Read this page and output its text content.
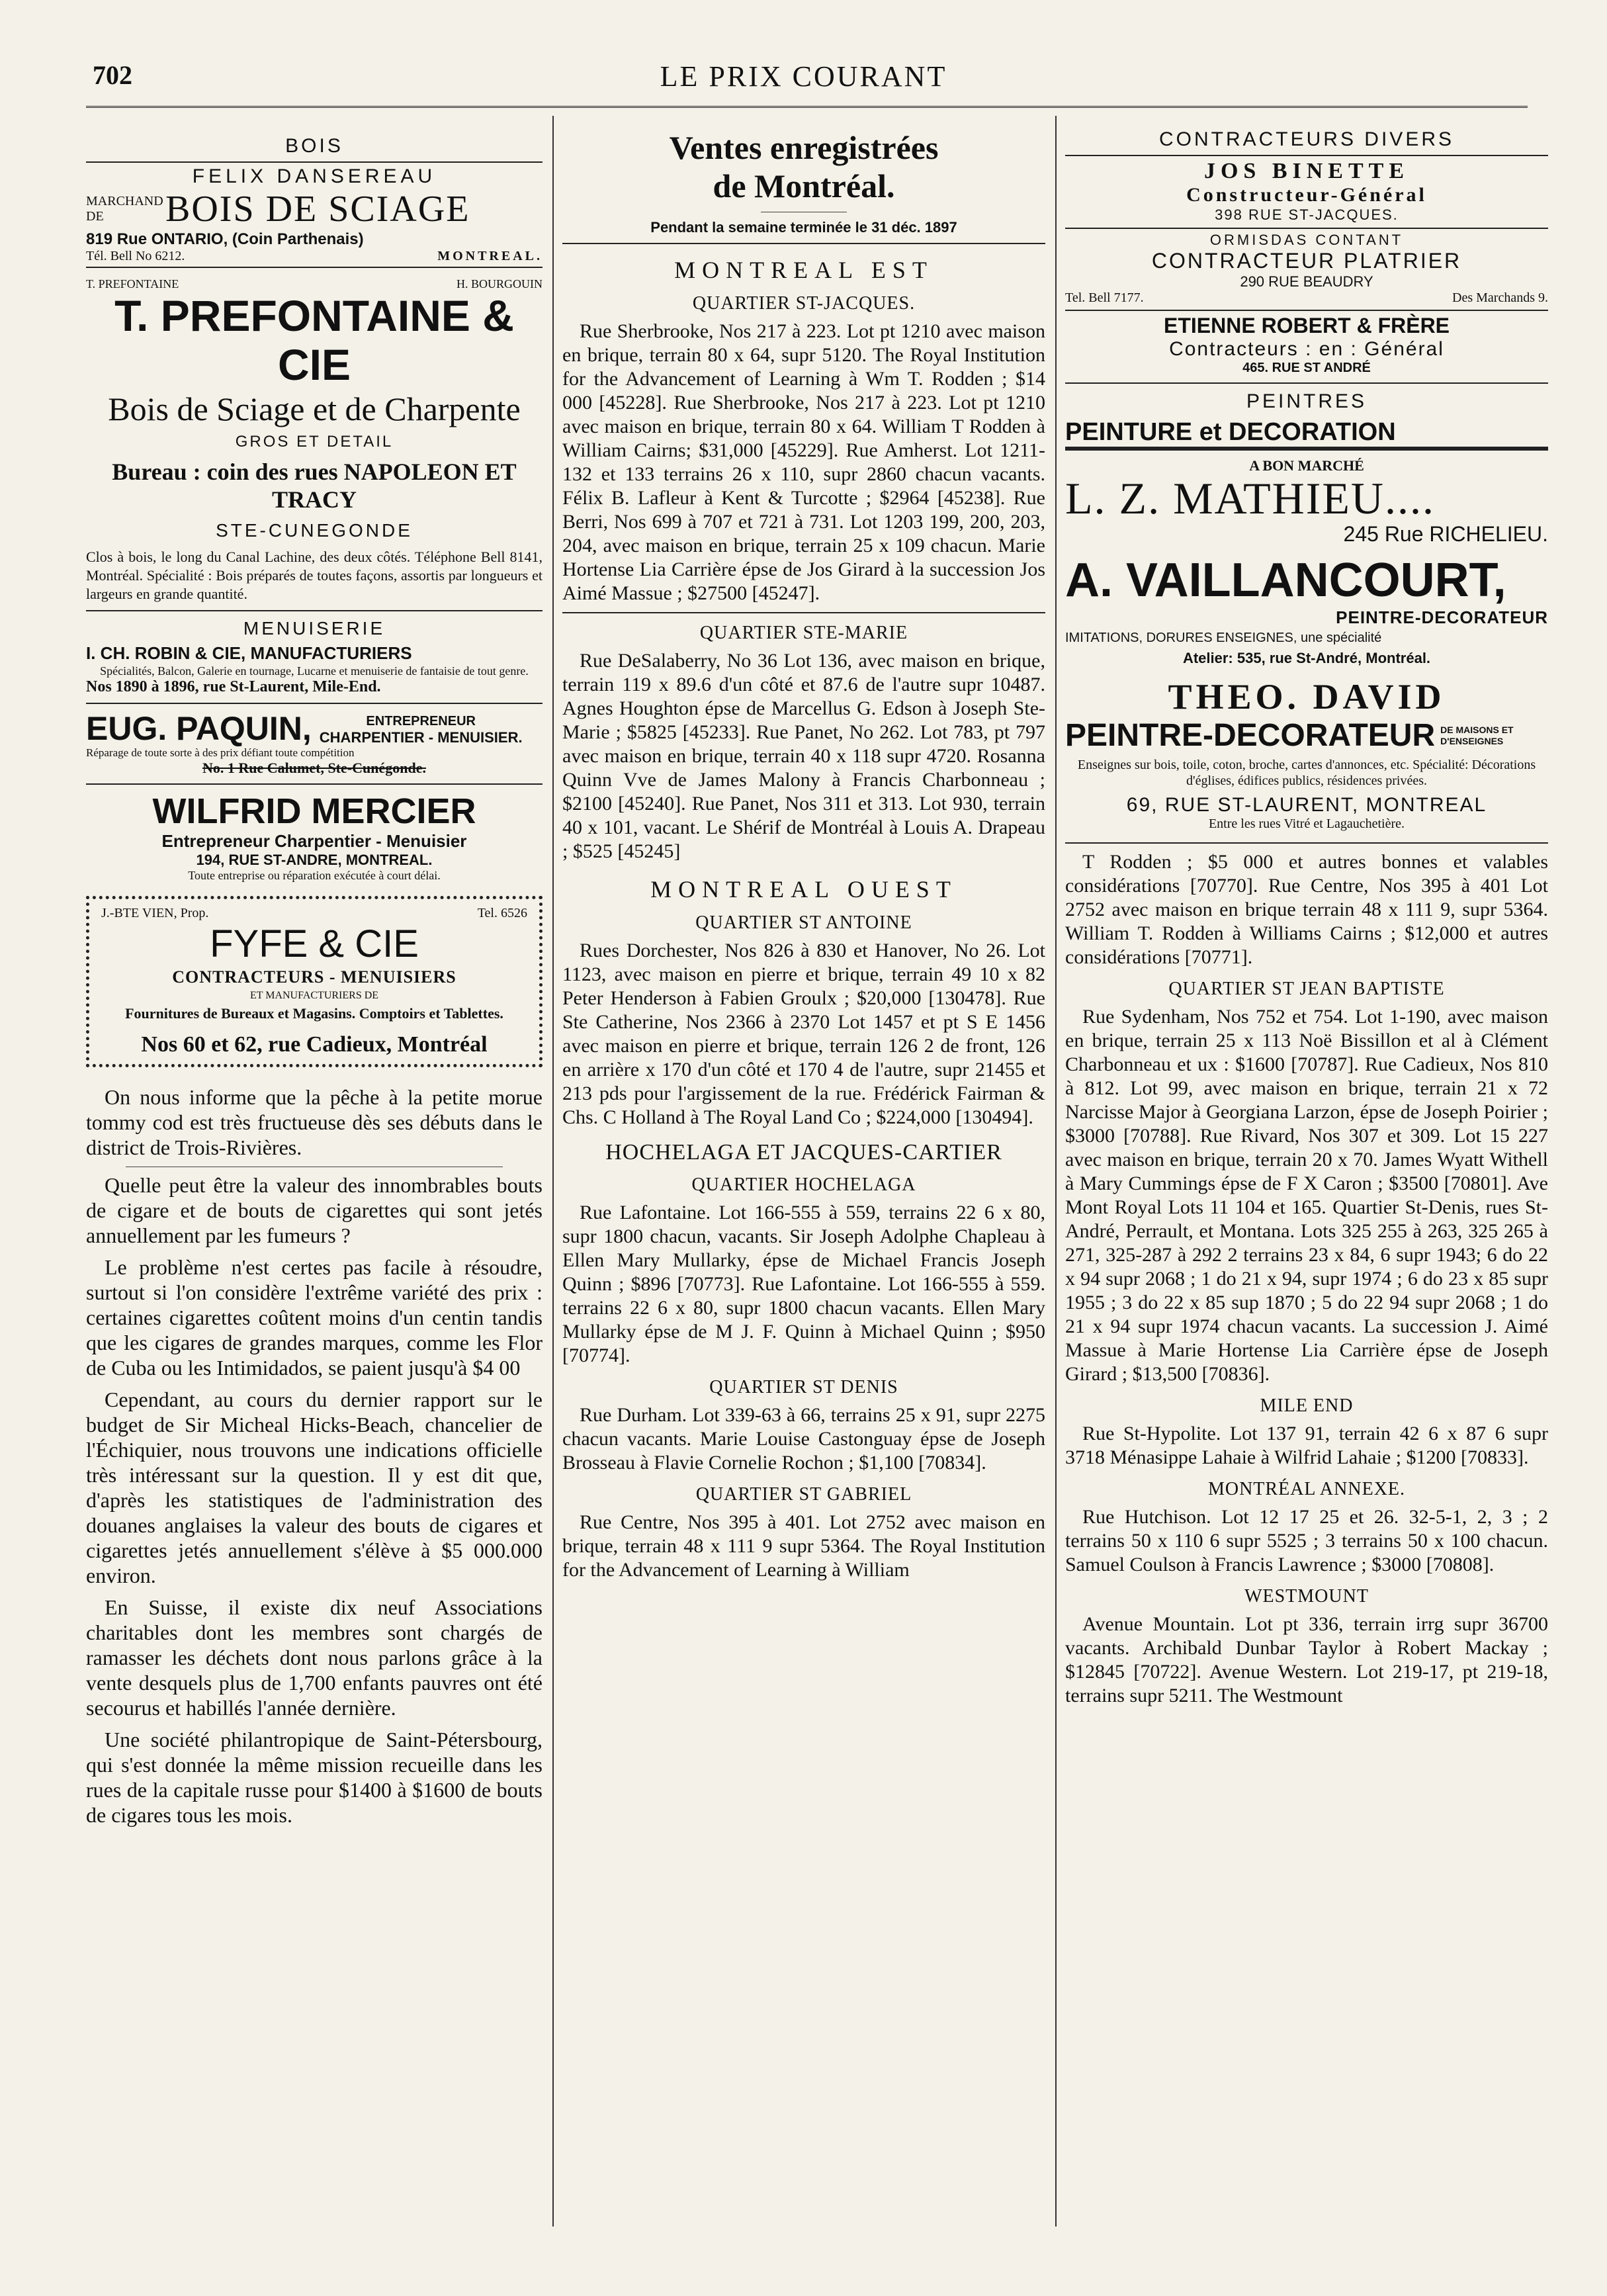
702	LE PRIX COURANT
BOIS
FELIX DANSEREAU
MARCHAND DE	BOIS DE SCIAGE
819 Rue ONTARIO, (Coin Parthenais)
Tél. Bell No 6212.	MONTREAL.
T. PREFONTAINE	H. BOURGOUIN
T. PREFONTAINE & CIE
Bois de Sciage et de Charpente
GROS ET DETAIL
Bureau : coin des rues NAPOLEON ET TRACY
STE-CUNEGONDE
Clos à bois, le long du Canal Lachine, des deux côtés. Téléphone Bell 8141, Montréal. Spécialité : Bois préparés de toutes façons, assortis par longueurs et largeurs en grande quantité.
MENUISERIE
I. CH. ROBIN & CIE, MANUFACTURIERS
Spécialités, Balcon, Galerie en tournage, Lucarne et menuiserie de fantaisie de tout genre.
Nos 1890 à 1896, rue St-Laurent, Mile-End.
EUG. PAQUIN,	ENTREPRENEUR
CHARPENTIER - MENUISIER.
Réparage de toute sorte à des prix défiant toute compétition
No. 1 Rue Calumet, Ste-Cunégonde.
WILFRID MERCIER
Entrepreneur Charpentier - Menuisier
194, RUE ST-ANDRE, MONTREAL.
Toute entreprise ou réparation exécutée à court délai.
J.-BTE VIEN, Prop.	Tel. 6526
FYFE & CIE
CONTRACTEURS - MENUISIERS
ET MANUFACTURIERS DE
Fournitures de Bureaux et Magasins. Comptoirs et Tablettes.
Nos 60 et 62, rue Cadieux, Montréal

On nous informe que la pêche à la petite morue tommy cod est très fructueuse dès ses débuts dans le district de Trois-Rivières.

Quelle peut être la valeur des innombrables bouts de cigare et de bouts de cigarettes qui sont jetés annuellement par les fumeurs ?

Le problème n'est certes pas facile à résoudre, surtout si l'on considère l'extrême variété des prix : certaines cigarettes coûtent moins d'un centin tandis que les cigares de grandes marques, comme les Flor de Cuba ou les Intimidados, se paient jusqu'à $4 00

Cependant, au cours du dernier rapport sur le budget de Sir Micheal Hicks-Beach, chancelier de l'Échiquier, nous trouvons une indications officielle très intéressant sur la question. Il y est dit que, d'après les statistiques de l'administration des douanes anglaises la valeur des bouts de cigares et cigarettes jetés annuellement s'élève à $5 000.000 environ.

En Suisse, il existe dix neuf Associations charitables dont les membres sont chargés de ramasser les déchets dont nous parlons grâce à la vente desquels plus de 1,700 enfants pauvres ont été secourus et habillés l'année dernière.

Une société philantropique de Saint-Pétersbourg, qui s'est donnée la même mission recueille dans les rues de la capitale russe pour $1400 à $1600 de bouts de cigares tous les mois.

Ventes enregistrées
de Montréal.
Pendant la semaine terminée le 31 déc. 1897
MONTREAL EST
QUARTIER ST-JACQUES.
Rue Sherbrooke, Nos 217 à 223. Lot pt 1210 avec maison en brique, terrain 80 x 64, supr 5120. The Royal Institution for the Advancement of Learning à Wm T. Rodden ; $14 000 [45228]. Rue Sherbrooke, Nos 217 à 223. Lot pt 1210 avec maison en brique, terrain 80 x 64. William T Rodden à William Cairns; $31,000 [45229]. Rue Amherst. Lot 1211-132 et 133 terrains 26 x 110, supr 2860 chacun vacants. Félix B. Lafleur à Kent & Turcotte ; $2964 [45238]. Rue Berri, Nos 699 à 707 et 721 à 731. Lot 1203 199, 200, 203, 204, avec maison en brique, terrain 25 x 109 chacun. Marie Hortense Lia Carrière épse de Jos Girard à la succession Jos Aimé Massue ; $27500 [45247].
QUARTIER STE-MARIE
Rue DeSalaberry, No 36 Lot 136, avec maison en brique, terrain 119 x 89.6 d'un côté et 87.6 de l'autre supr 10487. Agnes Houghton épse de Marcellus G. Edson à Joseph Ste-Marie ; $5825 [45233]. Rue Panet, No 262. Lot 783, pt 797 avec maison en brique, terrain 40 x 118 supr 4720. Rosanna Quinn Vve de James Malony à Francis Charbonneau ; $2100 [45240]. Rue Panet, Nos 311 et 313. Lot 930, terrain 40 x 101, vacant. Le Shérif de Montréal à Louis A. Drapeau ; $525 [45245]
MONTREAL OUEST
QUARTIER ST ANTOINE
Rues Dorchester, Nos 826 à 830 et Hanover, No 26. Lot 1123, avec maison en pierre et brique, terrain 49 10 x 82 Peter Henderson à Fabien Groulx ; $20,000 [130478]. Rue Ste Catherine, Nos 2366 à 2370 Lot 1457 et pt S E 1456 avec maison en pierre et brique, terrain 126 2 de front, 126 en arrière x 170 d'un côté et 170 4 de l'autre, supr 21455 et 213 pds pour l'argissement de la rue. Frédérick Fairman & Chs. C Holland à The Royal Land Co ; $224,000 [130494].
HOCHELAGA ET JACQUES-CARTIER
QUARTIER HOCHELAGA
Rue Lafontaine. Lot 166-555 à 559, terrains 22 6 x 80, supr 1800 chacun, vacants. Sir Joseph Adolphe Chapleau à Ellen Mary Mullarky, épse de Michael Francis Joseph Quinn ; $896 [70773]. Rue Lafontaine. Lot 166-555 à 559. terrains 22 6 x 80, supr 1800 chacun vacants. Ellen Mary Mullarky épse de M J. F. Quinn à Michael Quinn ; $950 [70774].
QUARTIER ST DENIS
Rue Durham. Lot 339-63 à 66, terrains 25 x 91, supr 2275 chacun vacants. Marie Louise Castonguay épse de Joseph Brosseau à Flavie Cornelie Rochon ; $1,100 [70834].
QUARTIER ST GABRIEL
Rue Centre, Nos 395 à 401. Lot 2752 avec maison en brique, terrain 48 x 111 9 supr 5364. The Royal Institution for the Advancement of Learning à William
CONTRACTEURS DIVERS
JOS BINETTE
Constructeur-Général
398 RUE ST-JACQUES.
ORMISDAS CONTANT
CONTRACTEUR PLATRIER
290 RUE BEAUDRY
Tel. Bell 7177.	Des Marchands 9.
ETIENNE ROBERT & FRÈRE
Contracteurs : en : Général
465. RUE ST ANDRÉ
PEINTRES
PEINTURE et DECORATION
A BON MARCHÉ
L. Z. MATHIEU....
245 Rue RICHELIEU.
A. VAILLANCOURT,
PEINTRE-DECORATEUR
IMITATIONS, DORURES ENSEIGNES, une spécialité
Atelier: 535, rue St-André, Montréal.
THEO. DAVID
PEINTRE-DECORATEUR DE MAISONS ET D'ENSEIGNES
Enseignes sur bois, toile, coton, broche, cartes d'annonces, etc. Spécialité: Décorations d'églises, édifices publics, résidences privées.
69, RUE ST-LAURENT, MONTREAL
Entre les rues Vitré et Lagauchetière.
T Rodden ; $5 000 et autres bonnes et valables considérations [70770]. Rue Centre, Nos 395 à 401 Lot 2752 avec maison en brique terrain 48 x 111 9, supr 5364. William T. Rodden à Williams Cairns ; $12,000 et autres considérations [70771].
QUARTIER ST JEAN BAPTISTE
Rue Sydenham, Nos 752 et 754. Lot 1-190, avec maison en brique, terrain 25 x 113 Noë Bissillon et al à Clément Charbonneau et ux : $1600 [70787]. Rue Cadieux, Nos 810 à 812. Lot 99, avec maison en brique, terrain 21 x 72 Narcisse Major à Georgiana Larzon, épse de Joseph Poirier ; $3000 [70788]. Rue Rivard, Nos 307 et 309. Lot 15 227 avec maison en brique, terrain 20 x 70. James Wyatt Withell à Mary Cummings épse de F X Caron ; $3500 [70801]. Ave Mont Royal Lots 11 104 et 165. Quartier St-Denis, rues St-André, Perrault, et Montana. Lots 325 255 à 263, 325 265 à 271, 325-287 à 292 2 terrains 23 x 84, 6 supr 1943; 6 do 22 x 94 supr 2068 ; 1 do 21 x 94, supr 1974 ; 6 do 23 x 85 supr 1955 ; 3 do 22 x 85 sup 1870 ; 5 do 22 94 supr 2068 ; 1 do 21 x 94 supr 1974 chacun vacants. La succession J. Aimé Massue à Marie Hortense Lia Carrière épse de Joseph Girard ; $13,500 [70836].
MILE END
Rue St-Hypolite. Lot 137 91, terrain 42 6 x 87 6 supr 3718 Ménasippe Lahaie à Wilfrid Lahaie ; $1200 [70833].
MONTRÉAL ANNEXE.
Rue Hutchison. Lot 12 17 25 et 26. 32-5-1, 2, 3 ; 2 terrains 50 x 110 6 supr 5525 ; 3 terrains 50 x 100 chacun. Samuel Coulson à Francis Lawrence ; $3000 [70808].
WESTMOUNT
Avenue Mountain. Lot pt 336, terrain irrg supr 36700 vacants. Archibald Dunbar Taylor à Robert Mackay ; $12845 [70722]. Avenue Western. Lot 219-17, pt 219-18, terrains supr 5211. The Westmount
